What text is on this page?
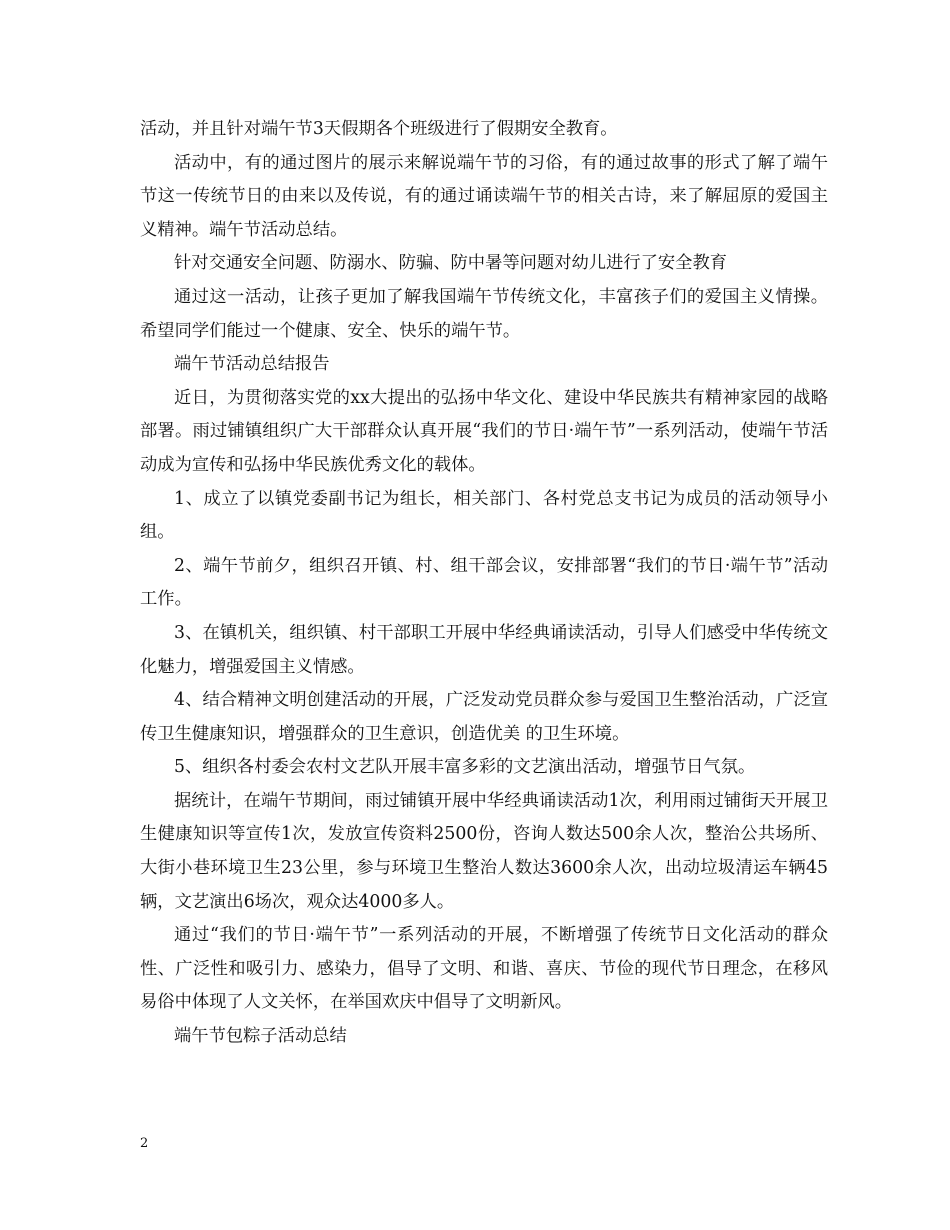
活动，并且针对端午节3天假期各个班级进行了假期安全教育。

活动中，有的通过图片的展示来解说端午节的习俗，有的通过故事的形式了解了端午节这一传统节日的由来以及传说，有的通过诵读端午节的相关古诗，来了解屈原的爱国主义精神。端午节活动总结。

针对交通安全问题、防溺水、防骗、防中暑等问题对幼儿进行了安全教育

通过这一活动，让孩子更加了解我国端午节传统文化，丰富孩子们的爱国主义情操。希望同学们能过一个健康、安全、快乐的端午节。

端午节活动总结报告

近日，为贯彻落实党的xx大提出的弘扬中华文化、建设中华民族共有精神家园的战略部署。雨过铺镇组织广大干部群众认真开展“我们的节日·端午节”一系列活动，使端午节活动成为宣传和弘扬中华民族优秀文化的载体。

1、成立了以镇党委副书记为组长，相关部门、各村党总支书记为成员的活动领导小组。

2、端午节前夕，组织召开镇、村、组干部会议，安排部署“我们的节日·端午节”活动工作。

3、在镇机关，组织镇、村干部职工开展中华经典诵读活动，引导人们感受中华传统文化魅力，增强爱国主义情感。

4、结合精神文明创建活动的开展，广泛发动党员群众参与爱国卫生整治活动，广泛宣传卫生健康知识，增强群众的卫生意识，创造优美 的卫生环境。

5、组织各村委会农村文艺队开展丰富多彩的文艺演出活动，增强节日气氛。

据统计，在端午节期间，雨过铺镇开展中华经典诵读活动1次，利用雨过铺街天开展卫生健康知识等宣传1次，发放宣传资料2500份，咨询人数达500余人次，整治公共场所、大街小巷环境卫生23公里，参与环境卫生整治人数达3600余人次，出动垃圾清运车辆45辆，文艺演出6场次，观众达4000多人。

通过“我们的节日·端午节”一系列活动的开展，不断增强了传统节日文化活动的群众性、广泛性和吸引力、感染力，倡导了文明、和谐、喜庆、节俭的现代节日理念，在移风易俗中体现了人文关怀，在举国欢庆中倡导了文明新风。

端午节包粽子活动总结

2
